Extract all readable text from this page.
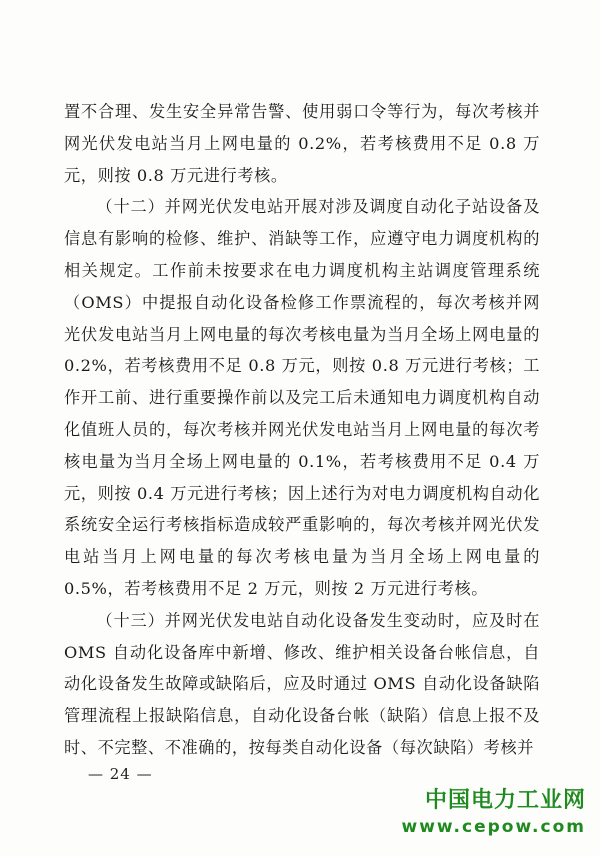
置不合理、发生安全异常告警、使用弱口令等行为，每次考核并网光伏发电站当月上网电量的 0.2%，若考核费用不足 0.8 万元，则按 0.8 万元进行考核。

（十二）并网光伏发电站开展对涉及调度自动化子站设备及信息有影响的检修、维护、消缺等工作，应遵守电力调度机构的相关规定。工作前未按要求在电力调度机构主站调度管理系统（OMS）中提报自动化设备检修工作票流程的，每次考核并网光伏发电站当月上网电量的每次考核电量为当月全场上网电量的 0.2%，若考核费用不足 0.8 万元，则按 0.8 万元进行考核；工作开工前、进行重要操作前以及完工后未通知电力调度机构自动化值班人员的，每次考核并网光伏发电站当月上网电量的每次考核电量为当月全场上网电量的 0.1%，若考核费用不足 0.4 万元，则按 0.4 万元进行考核；因上述行为对电力调度机构自动化系统安全运行考核指标造成较严重影响的，每次考核并网光伏发电站当月上网电量的每次考核电量为当月全场上网电量的 0.5%，若考核费用不足 2 万元，则按 2 万元进行考核。

（十三）并网光伏发电站自动化设备发生变动时，应及时在 OMS 自动化设备库中新增、修改、维护相关设备台帐信息，自动化设备发生故障或缺陷后，应及时通过 OMS 自动化设备缺陷管理流程上报缺陷信息，自动化设备台帐（缺陷）信息上报不及时、不完整、不准确的，按每类自动化设备（每次缺陷）考核并

— 24 —
中国电力工业网
www.cepow.com
